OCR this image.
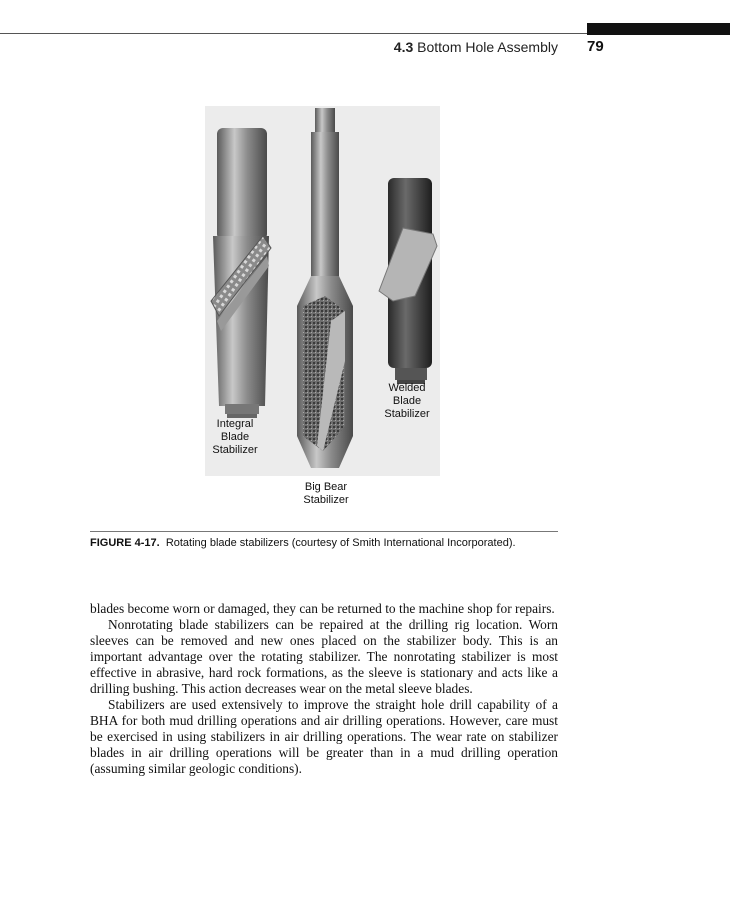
4.3 Bottom Hole Assembly 79
Integral
Blade
Stabilizer
Welded
Blade
Stabilizer
Big Bear
Stabilizer
FIGURE 4-17. Rotating blade stabilizers (courtesy of Smith International Incorporated).

blades become worn or damaged, they can be returned to the machine shop for repairs.

Nonrotating blade stabilizers can be repaired at the drilling rig location. Worn sleeves can be removed and new ones placed on the stabilizer body. This is an important advantage over the rotating stabilizer. The nonrotating stabilizer is most effective in abrasive, hard rock formations, as the sleeve is stationary and acts like a drilling bushing. This action decreases wear on the metal sleeve blades.

Stabilizers are used extensively to improve the straight hole drill capability of a BHA for both mud drilling operations and air drilling operations. However, care must be exercised in using stabilizers in air drilling operations. The wear rate on stabilizer blades in air drilling operations will be greater than in a mud drilling operation (assuming similar geologic conditions).
